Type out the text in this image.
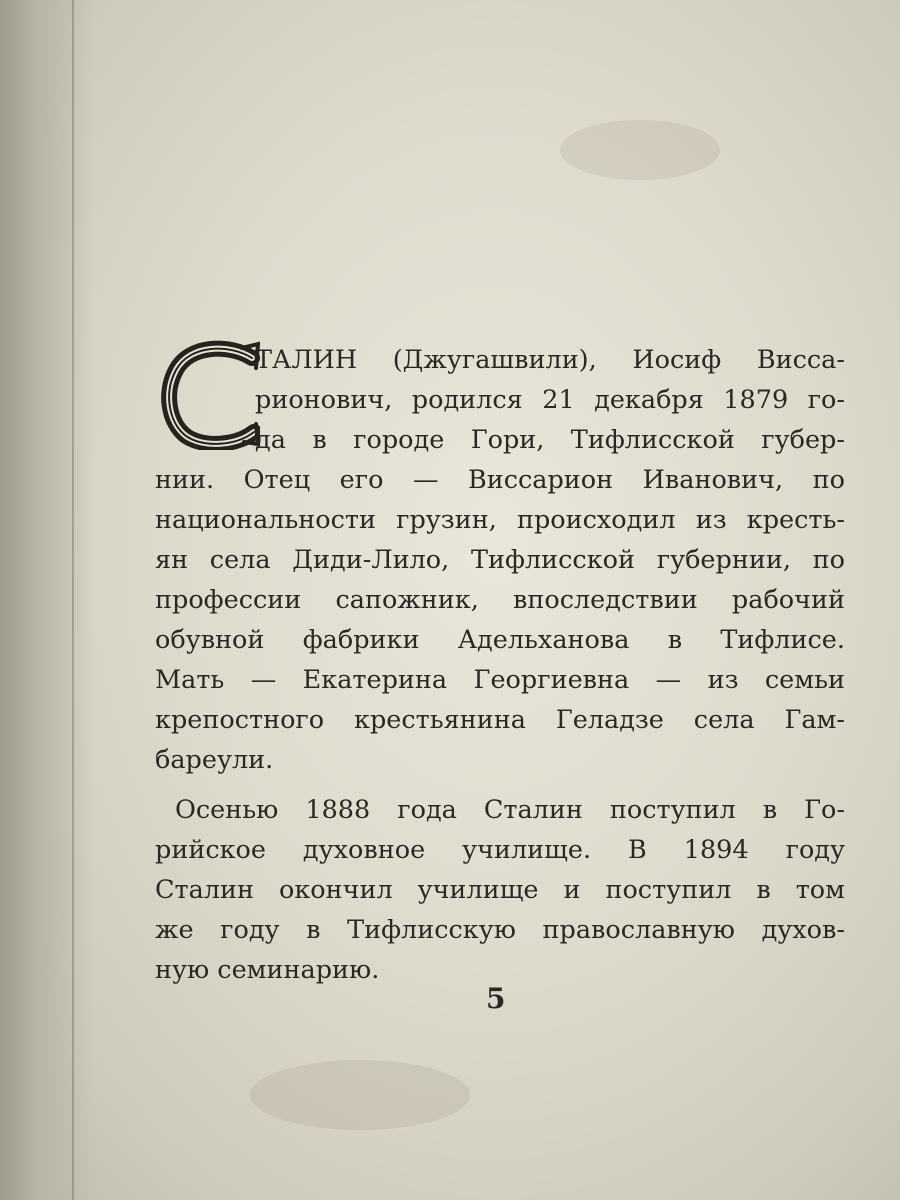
ТАЛИН (Джугашвили), Иосиф Висса-
рионович, родился 21 декабря 1879 го-
да в городе Гори, Тифлисской губер-
нии. Отец его — Виссарион Иванович, по
национальности грузин, происходил из кресть-
ян села Диди-Лило, Тифлисской губернии, по
профессии сапожник, впоследствии рабочий
обувной фабрики Адельханова в Тифлисе.
Мать — Екатерина Георгиевна — из семьи
крепостного крестьянина Геладзе села Гам-
бареули.
Осенью 1888 года Сталин поступил в Го-
рийское духовное училище. В 1894 году
Сталин окончил училище и поступил в том
же году в Тифлисскую православную духов-
ную семинарию.
5
